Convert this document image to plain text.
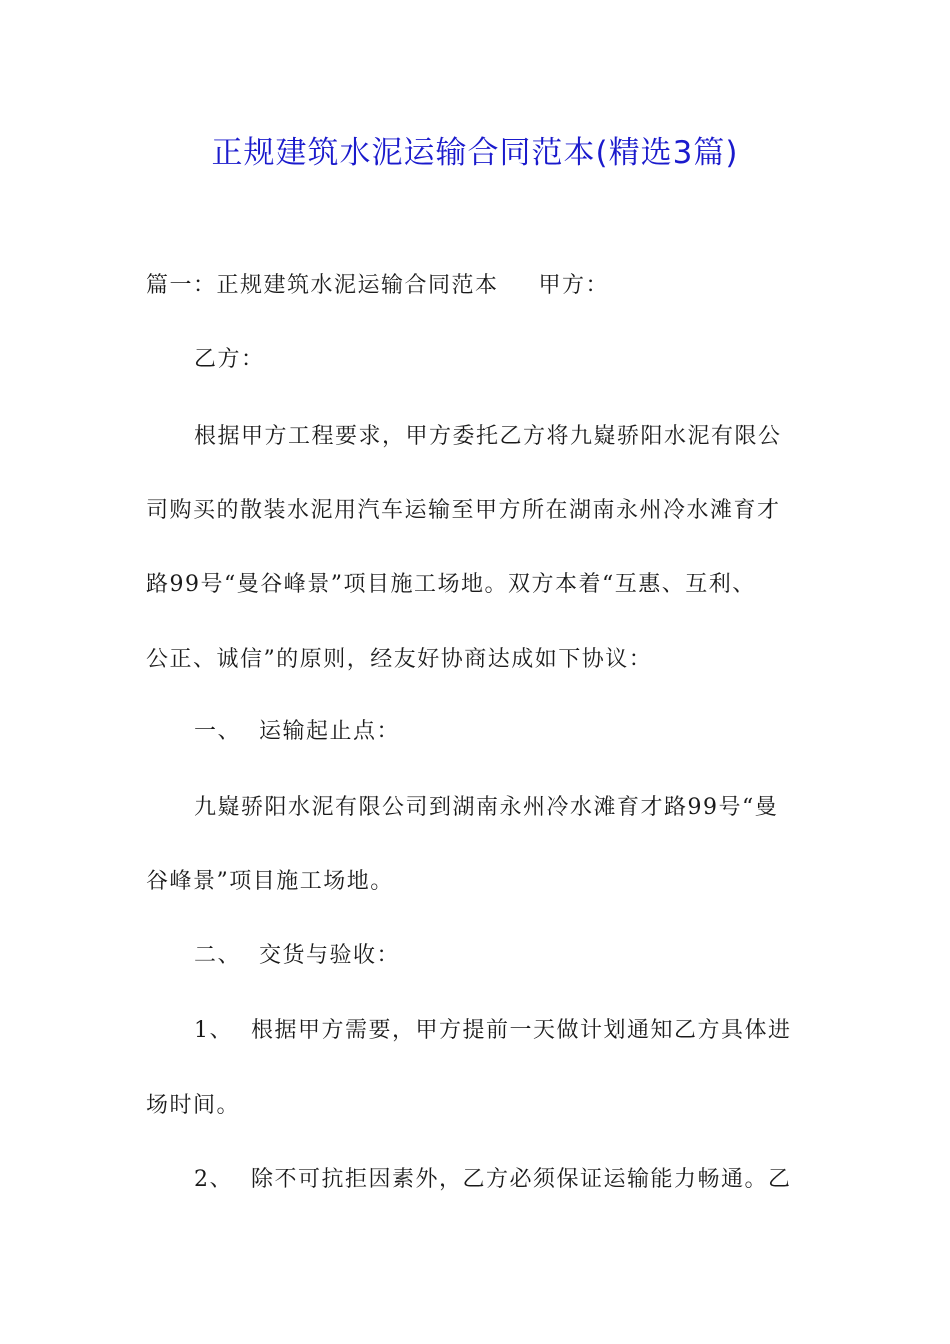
正规建筑水泥运输合同范本(精选3篇)
篇一：正规建筑水泥运输合同范本 甲方：
乙方：
根据甲方工程要求，甲方委托乙方将九嶷骄阳水泥有限公
司购买的散装水泥用汽车运输至甲方所在湖南永州冷水滩育才
路99号“曼谷峰景”项目施工场地。双方本着“互惠、互利、
公正、诚信”的原则，经友好协商达成如下协议：
一、 运输起止点：
九嶷骄阳水泥有限公司到湖南永州冷水滩育才路99号“曼
谷峰景”项目施工场地。
二、 交货与验收：
1、 根据甲方需要，甲方提前一天做计划通知乙方具体进
场时间。
2、 除不可抗拒因素外，乙方必须保证运输能力畅通。乙
